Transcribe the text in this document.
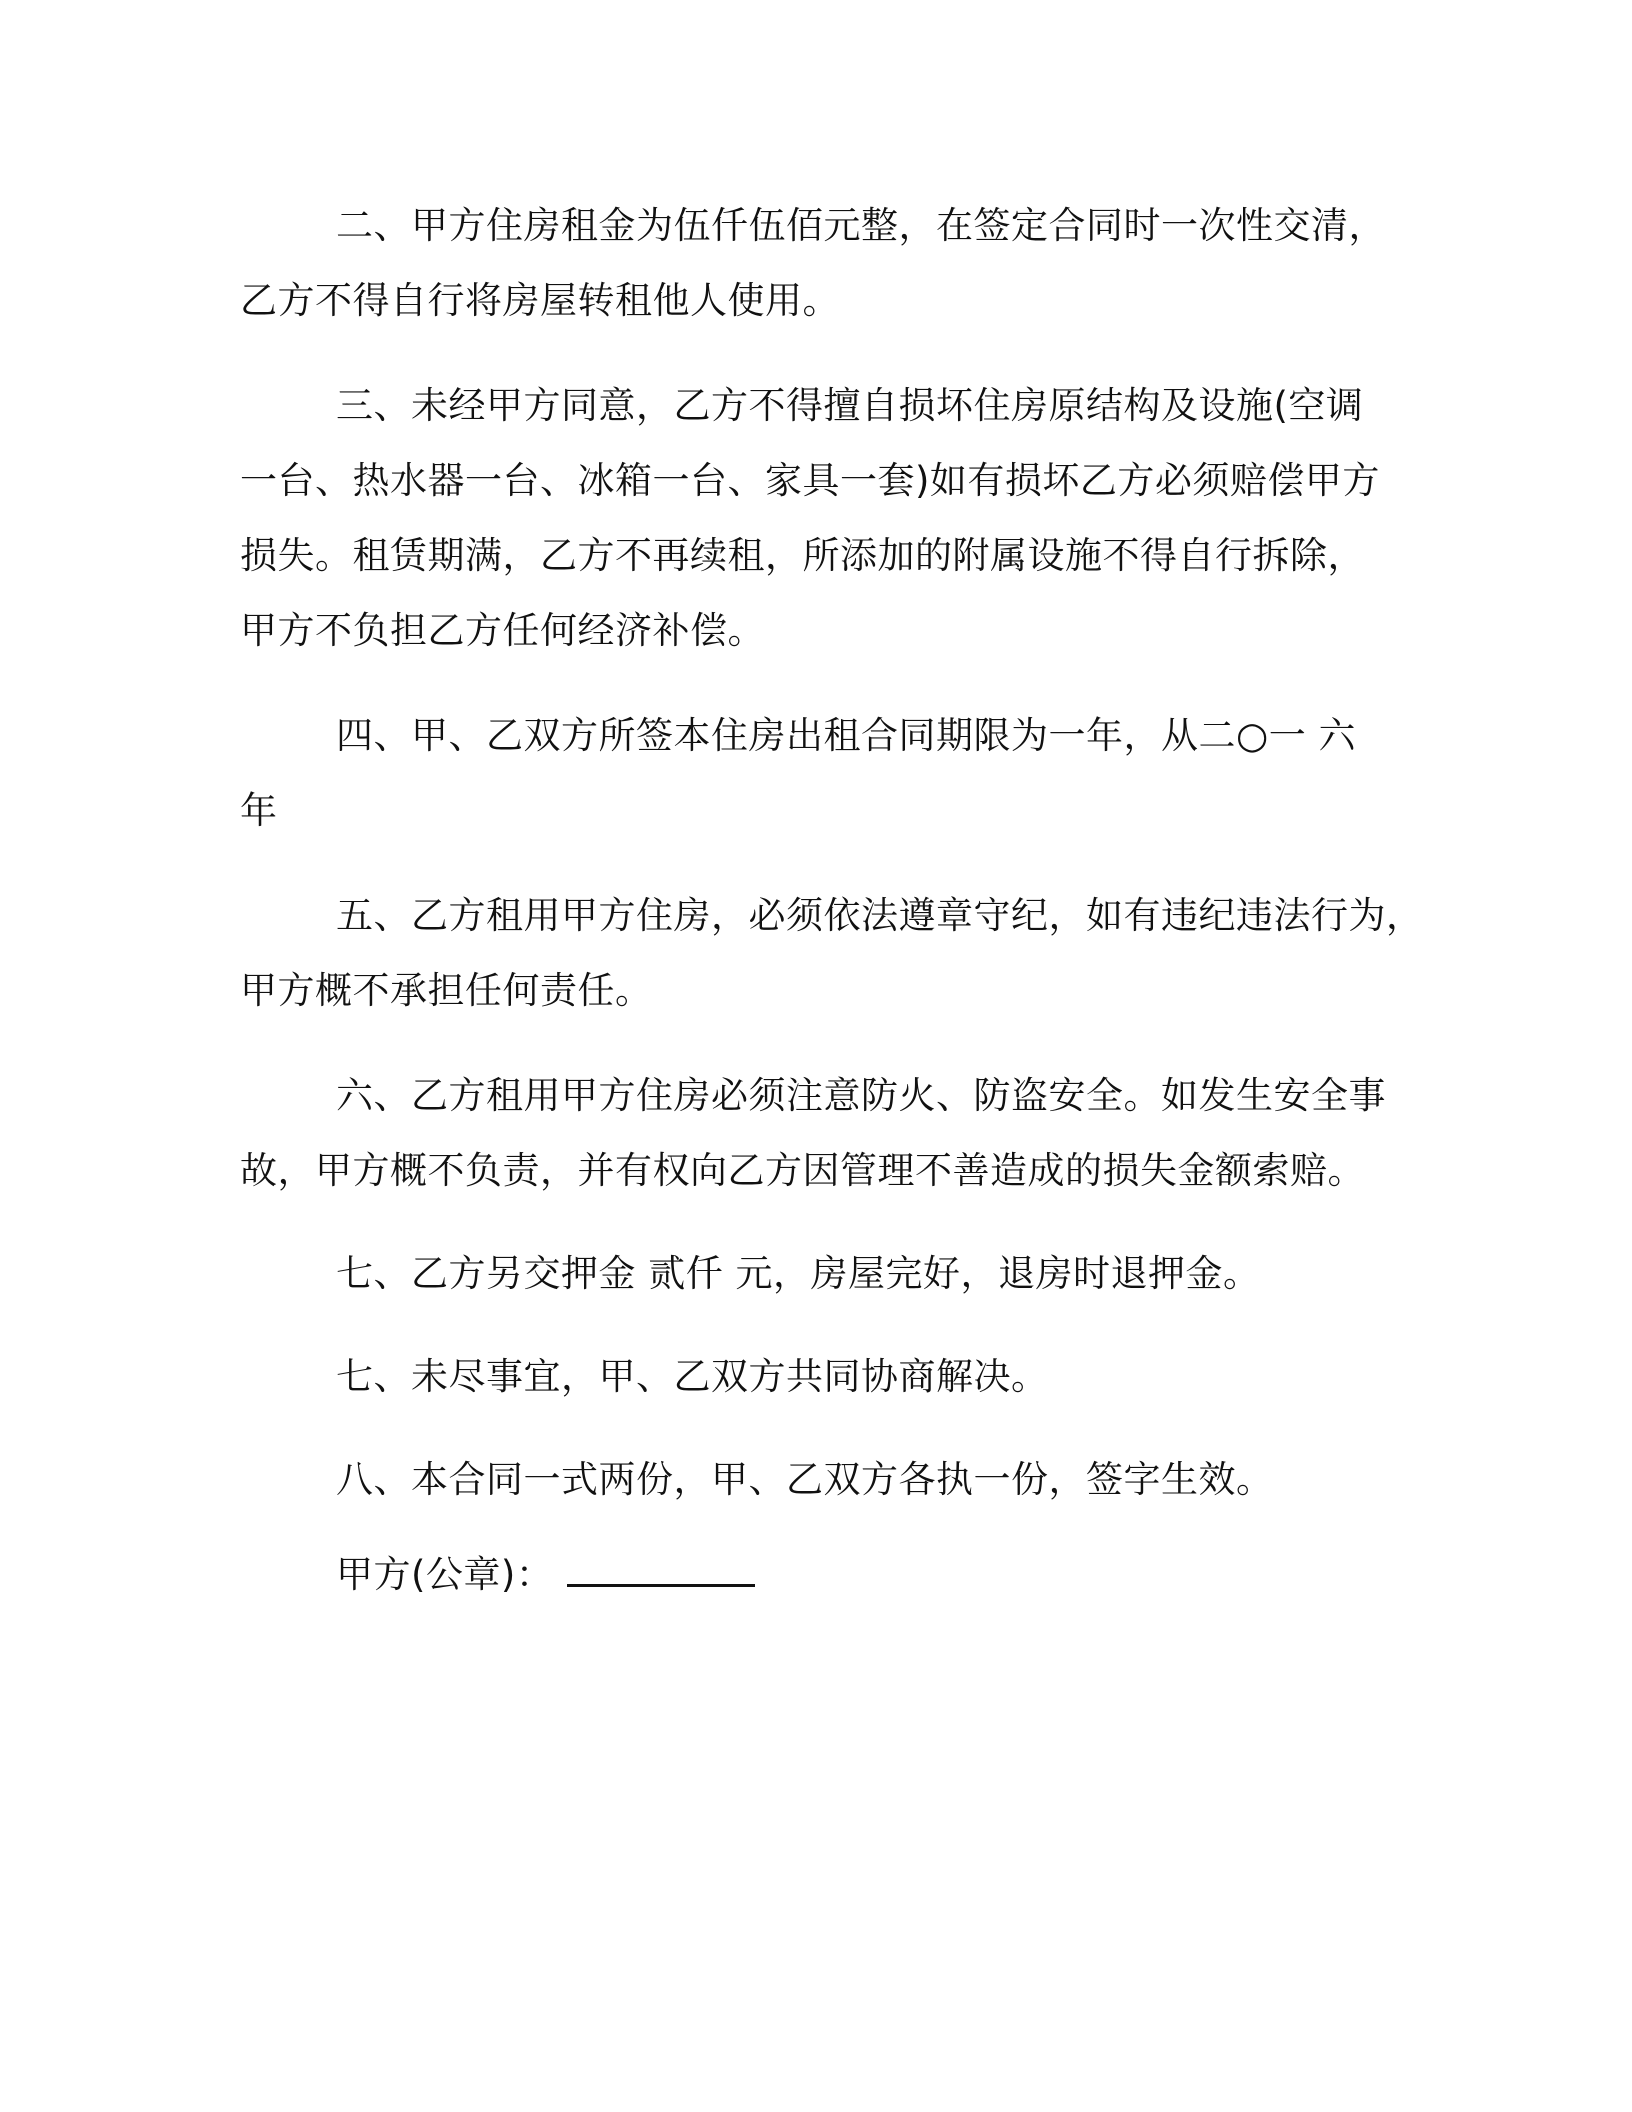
二、甲方住房租金为伍仟伍佰元整，在签定合同时一次性交清，
乙方不得自行将房屋转租他人使用。
三、未经甲方同意，乙方不得擅自损坏住房原结构及设施(空调
一台、热水器一台、冰箱一台、家具一套)如有损坏乙方必须赔偿甲方
损失。租赁期满，乙方不再续租，所添加的附属设施不得自行拆除，
甲方不负担乙方任何经济补偿。
四、甲、乙双方所签本住房出租合同期限为一年，从二○一 六
年
五、乙方租用甲方住房，必须依法遵章守纪，如有违纪违法行为，
甲方概不承担任何责任。
六、乙方租用甲方住房必须注意防火、防盗安全。如发生安全事
故，甲方概不负责，并有权向乙方因管理不善造成的损失金额索赔。
七、乙方另交押金 贰仟 元，房屋完好，退房时退押金。
七、未尽事宜，甲、乙双方共同协商解决。
八、本合同一式两份，甲、乙双方各执一份，签字生效。
甲方(公章)：
